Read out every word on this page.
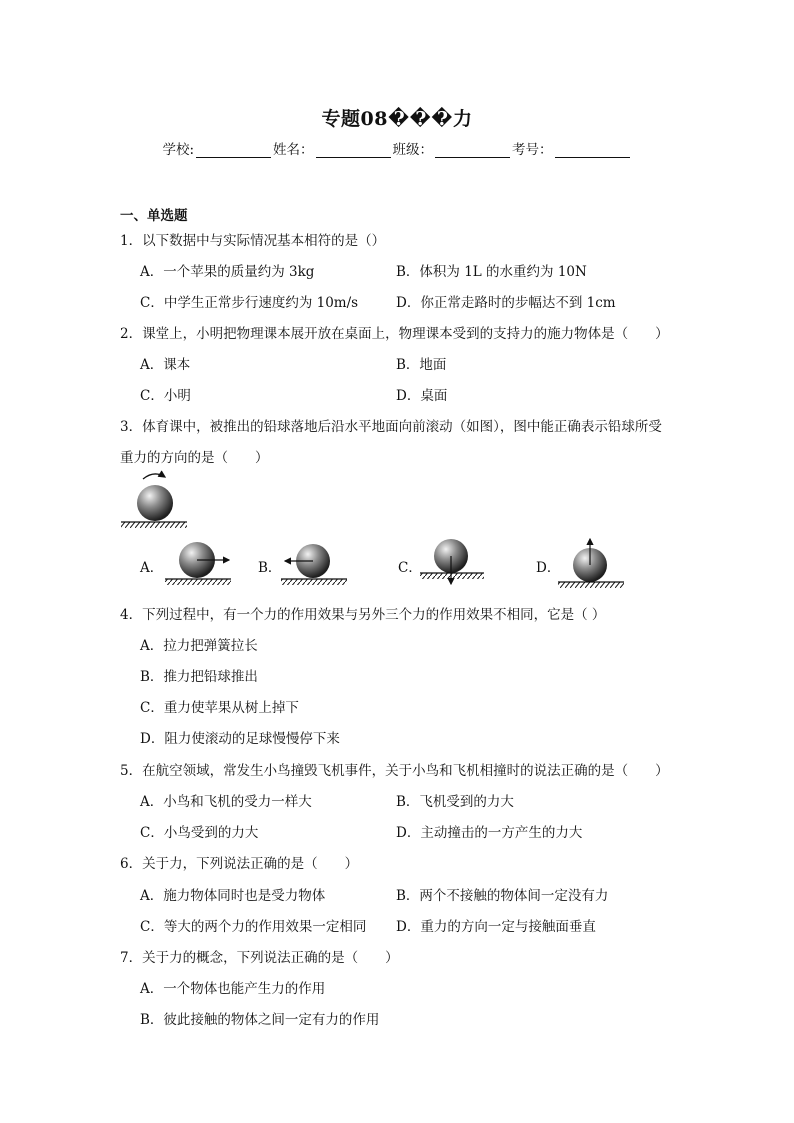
专题08���力
学校:	姓名：	班级：	考号：
一、单选题
1．以下数据中与实际情况基本相符的是（）
A．一个苹果的质量约为 3kg	B．体积为 1L 的水重约为 10N
C．中学生正常步行速度约为 10m/s	D．你正常走路时的步幅达不到 1cm
2．课堂上，小明把物理课本展开放在桌面上，物理课本受到的支持力的施力物体是（　　）
A．课本	B．地面
C．小明	D．桌面
3．体育课中，被推出的铅球落地后沿水平地面向前滚动（如图），图中能正确表示铅球所受
重力的方向的是（　　）
A．	B．	C．	D．
4．下列过程中，有一个力的作用效果与另外三个力的作用效果不相同，它是（ ）
A．拉力把弹簧拉长
B．推力把铅球推出
C．重力使苹果从树上掉下
D．阻力使滚动的足球慢慢停下来
5．在航空领域，常发生小鸟撞毁飞机事件，关于小鸟和飞机相撞时的说法正确的是（　　）
A．小鸟和飞机的受力一样大	B．飞机受到的力大
C．小鸟受到的力大	D．主动撞击的一方产生的力大
6．关于力，下列说法正确的是（　　）
A．施力物体同时也是受力物体	B．两个不接触的物体间一定没有力
C．等大的两个力的作用效果一定相同 D．重力的方向一定与接触面垂直
7．关于力的概念，下列说法正确的是（　　）
A．一个物体也能产生力的作用
B．彼此接触的物体之间一定有力的作用
